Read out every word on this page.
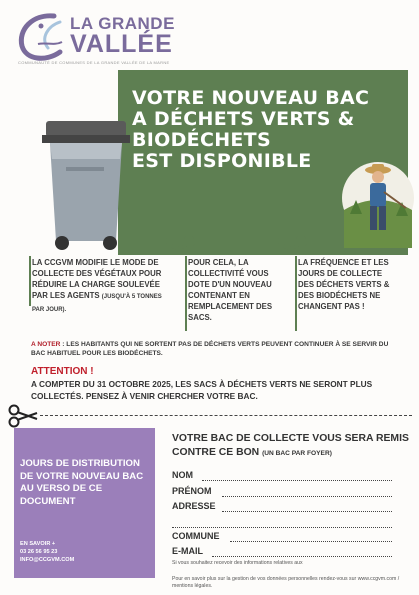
LA GRANDE
VALLÉE
COMMUNAUTÉ DE COMMUNES DE LA GRANDE VALLÉE DE LA MARNE
VOTRE NOUVEAU BAC
A DÉCHETS VERTS &
BIODÉCHETS
EST DISPONIBLE
LA CCGVM MODIFIE LE MODE DE COLLECTE DES VÉGÉTAUX POUR RÉDUIRE LA CHARGE SOULEVÉE PAR LES AGENTS (JUSQU'À 5 TONNES PAR JOUR).
POUR CELA, LA COLLECTIVITÉ VOUS DOTE D'UN NOUVEAU CONTENANT EN REMPLACEMENT DES SACS.
LA FRÉQUENCE ET LES JOURS DE COLLECTE DES DÉCHETS VERTS & DES BIODÉCHETS NE CHANGENT PAS !
A NOTER : LES HABITANTS QUI NE SORTENT PAS DE DÉCHETS VERTS PEUVENT CONTINUER À SE SERVIR DU BAC HABITUEL POUR LES BIODÉCHETS.
ATTENTION !
A COMPTER DU 31 OCTOBRE 2025, LES SACS À DÉCHETS VERTS NE SERONT PLUS COLLECTÉS. PENSEZ À VENIR CHERCHER VOTRE BAC.
JOURS DE DISTRIBUTION DE VOTRE NOUVEAU BAC AU VERSO DE CE DOCUMENT
EN SAVOIR +
03 26 56 95 23
INFO@CCGVM.COM
VOTRE BAC DE COLLECTE VOUS SERA REMIS CONTRE CE BON (UN BAC PAR FOYER)
NOM
PRÉNOM
ADRESSE
COMMUNE
E-MAIL
Si vous souhaitez recevoir des informations relatives aux
Pour en savoir plus sur la gestion de vos données personnelles rendez-vous sur www.ccgvm.com / mentions légales.
